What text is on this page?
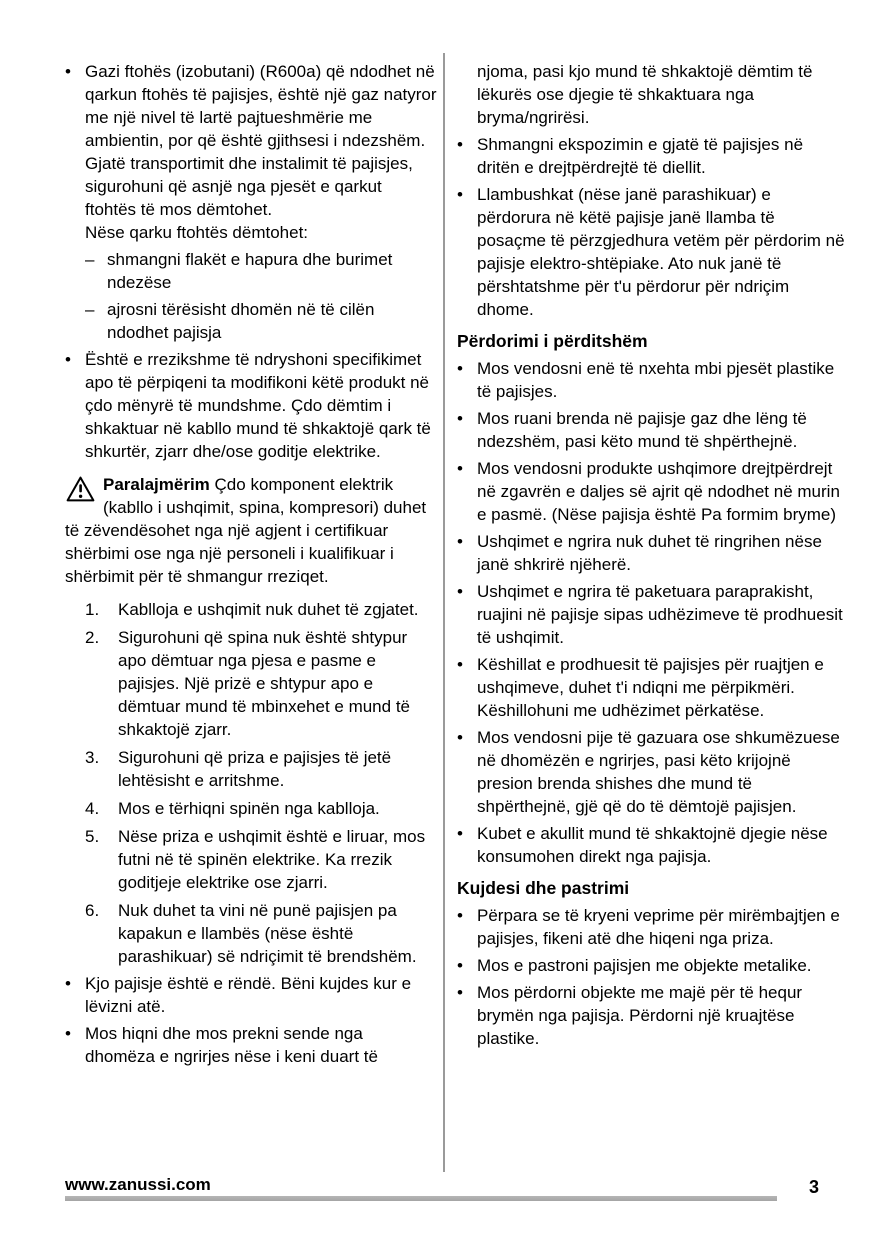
• Gazi ftohës (izobutani) (R600a) që ndodhet në qarkun ftohës të pajisjes, është një gaz natyror me një nivel të lartë pajtueshmërie me ambientin, por që është gjithsesi i ndezshëm.
Gjatë transportimit dhe instalimit të pajisjes, sigurohuni që asnjë nga pjesët e qarkut ftohtës të mos dëmtohet.
Nëse qarku ftohtës dëmtohet:
– shmangni flakët e hapura dhe burimet ndezëse
– ajrosni tërësisht dhomën në të cilën ndodhet pajisja
• Është e rrezikshme të ndryshoni specifikimet apo të përpiqeni ta modifikoni këtë produkt në çdo mënyrë të mundshme. Çdo dëmtim i shkaktuar në kabllo mund të shkaktojë qark të shkurtër, zjarr dhe/ose goditje elektrike.
Paralajmërim Çdo komponent elektrik (kabllo i ushqimit, spina, kompresori) duhet të zëvendësohet nga një agjent i certifikuar shërbimi ose nga një personeli i kualifikuar i shërbimit për të shmangur rreziqet.
1.	Kablloja e ushqimit nuk duhet të zgjatet.
2.	Sigurohuni që spina nuk është shtypur apo dëmtuar nga pjesa e pasme e pajisjes. Një prizë e shtypur apo e dëmtuar mund të mbinxehet e mund të shkaktojë zjarr.
3.	Sigurohuni që priza e pajisjes të jetë lehtësisht e arritshme.
4.	Mos e tërhiqni spinën nga kablloja.
5.	Nëse priza e ushqimit është e liruar, mos futni në të spinën elektrike. Ka rrezik goditjeje elektrike ose zjarri.
6.	Nuk duhet ta vini në punë pajisjen pa kapakun e llambës (nëse është parashikuar) së ndriçimit të brendshëm.
• Kjo pajisje është e rëndë. Bëni kujdes kur e lëvizni atë.
• Mos hiqni dhe mos prekni sende nga dhomëza e ngrirjes nëse i keni duart të
njoma, pasi kjo mund të shkaktojë dëmtim të lëkurës ose djegie të shkaktuara nga bryma/ngrirësi.
• Shmangni ekspozimin e gjatë të pajisjes në dritën e drejtpërdrejtë të diellit.
• Llambushkat (nëse janë parashikuar) e përdorura në këtë pajisje janë llamba të posaçme të përzgjedhura vetëm për përdorim në pajisje elektro-shtëpiake. Ato nuk janë të përshtatshme për t'u përdorur për ndriçim dhome.
Përdorimi i përditshëm
• Mos vendosni enë të nxehta mbi pjesët plastike të pajisjes.
• Mos ruani brenda në pajisje gaz dhe lëng të ndezshëm, pasi këto mund të shpërthejnë.
• Mos vendosni produkte ushqimore drejtpërdrejt në zgavrën e daljes së ajrit që ndodhet në murin e pasmë. (Nëse pajisja është Pa formim bryme)
• Ushqimet e ngrira nuk duhet të ringrihen nëse janë shkrirë njëherë.
• Ushqimet e ngrira të paketuara paraprakisht, ruajini në pajisje sipas udhëzimeve të prodhuesit të ushqimit.
• Këshillat e prodhuesit të pajisjes për ruajtjen e ushqimeve, duhet t'i ndiqni me përpikmëri. Këshillohuni me udhëzimet përkatëse.
• Mos vendosni pije të gazuara ose shkumëzuese në dhomëzën e ngrirjes, pasi këto krijojnë presion brenda shishes dhe mund të shpërthejnë, gjë që do të dëmtojë pajisjen.
• Kubet e akullit mund të shkaktojnë djegie nëse konsumohen direkt nga pajisja.
Kujdesi dhe pastrimi
• Përpara se të kryeni veprime për mirëmbajtjen e pajisjes, fikeni atë dhe hiqeni nga priza.
• Mos e pastroni pajisjen me objekte metalike.
• Mos përdorni objekte me majë për të hequr brymën nga pajisja. Përdorni një kruajtëse plastike.
www.zanussi.com	3
